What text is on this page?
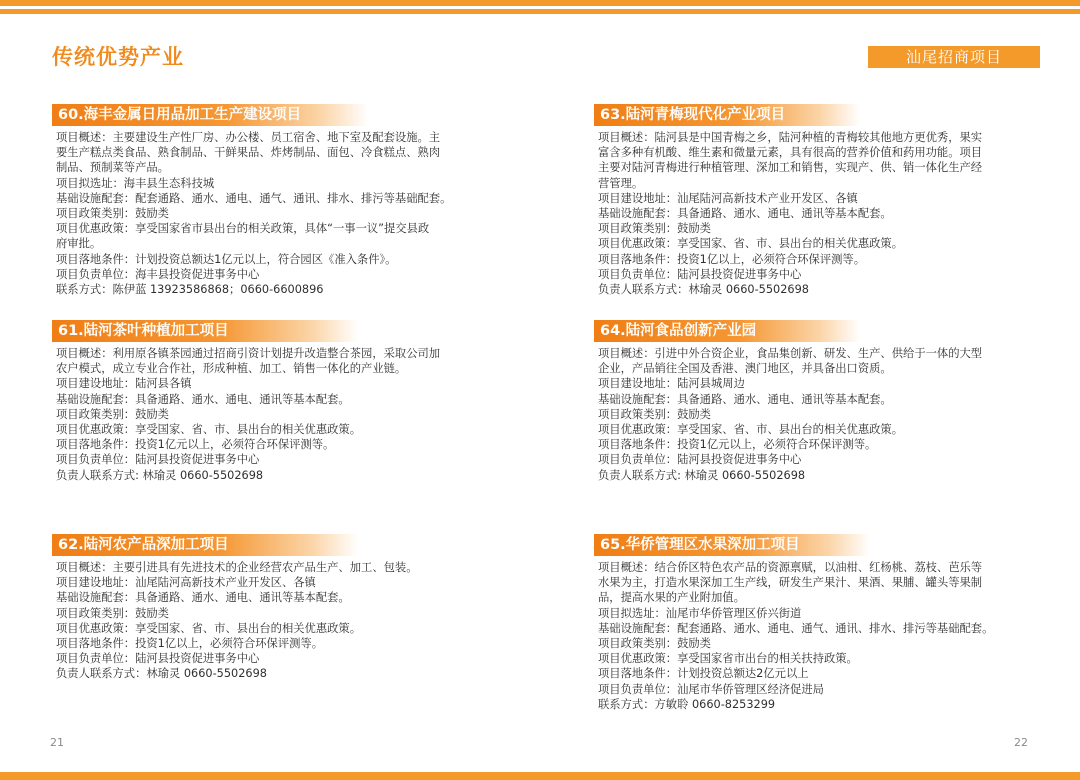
传统优势产业	汕尾招商项目
60.海丰金属日用品加工生产建设项目
项目概述：主要建设生产性厂房、办公楼、员工宿舍、地下室及配套设施。主
要生产糕点类食品、熟食制品、干鲜果品、炸烤制品、面包、冷食糕点、熟肉
制品、预制菜等产品。
项目拟选址：海丰县生态科技城
基础设施配套：配套通路、通水、通电、通气、通讯、排水、排污等基础配套。
项目政策类别：鼓励类
项目优惠政策：享受国家省市县出台的相关政策，具体“一事一议”提交县政
府审批。
项目落地条件：计划投资总额达1亿元以上，符合园区《准入条件》。
项目负责单位：海丰县投资促进事务中心
联系方式：陈伊蓝 13923586868；0660-6600896
61.陆河茶叶种植加工项目
项目概述：利用原各镇茶园通过招商引资计划提升改造整合茶园，采取公司加
农户模式，成立专业合作社，形成种植、加工、销售一体化的产业链。
项目建设地址：陆河县各镇
基础设施配套：具备通路、通水、通电、通讯等基本配套。
项目政策类别：鼓励类
项目优惠政策：享受国家、省、市、县出台的相关优惠政策。
项目落地条件：投资1亿元以上，必须符合环保评测等。
项目负责单位：陆河县投资促进事务中心
负责人联系方式: 林瑜灵 0660-5502698
62.陆河农产品深加工项目
项目概述：主要引进具有先进技术的企业经营农产品生产、加工、包装。
项目建设地址：汕尾陆河高新技术产业开发区、各镇
基础设施配套：具备通路、通水、通电、通讯等基本配套。
项目政策类别：鼓励类
项目优惠政策：享受国家、省、市、县出台的相关优惠政策。
项目落地条件：投资1亿以上，必须符合环保评测等。
项目负责单位：陆河县投资促进事务中心
负责人联系方式：林瑜灵 0660-5502698
63.陆河青梅现代化产业项目
项目概述：陆河县是中国青梅之乡，陆河种植的青梅较其他地方更优秀，果实
富含多种有机酸、维生素和微量元素，具有很高的营养价值和药用功能。项目
主要对陆河青梅进行种植管理、深加工和销售，实现产、供、销一体化生产经
营管理。
项目建设地址：汕尾陆河高新技术产业开发区、各镇
基础设施配套：具备通路、通水、通电、通讯等基本配套。
项目政策类别：鼓励类
项目优惠政策：享受国家、省、市、县出台的相关优惠政策。
项目落地条件：投资1亿以上，必须符合环保评测等。
项目负责单位：陆河县投资促进事务中心
负责人联系方式：林瑜灵 0660-5502698
64.陆河食品创新产业园
项目概述：引进中外合资企业，食品集创新、研发、生产、供给于一体的大型
企业，产品销往全国及香港、澳门地区，并具备出口资质。
项目建设地址：陆河县城周边
基础设施配套：具备通路、通水、通电、通讯等基本配套。
项目政策类别：鼓励类
项目优惠政策：享受国家、省、市、县出台的相关优惠政策。
项目落地条件：投资1亿元以上，必须符合环保评测等。
项目负责单位：陆河县投资促进事务中心
负责人联系方式: 林瑜灵 0660-5502698
65.华侨管理区水果深加工项目
项目概述：结合侨区特色农产品的资源禀赋，以油柑、红杨桃、荔枝、芭乐等
水果为主，打造水果深加工生产线，研发生产果汁、果酒、果脯、罐头等果制
品，提高水果的产业附加值。
项目拟选址：汕尾市华侨管理区侨兴街道
基础设施配套：配套通路、通水、通电、通气、通讯、排水、排污等基础配套。
项目政策类别：鼓励类
项目优惠政策：享受国家省市出台的相关扶持政策。
项目落地条件：计划投资总额达2亿元以上
项目负责单位：汕尾市华侨管理区经济促进局
联系方式：方敏聆 0660-8253299
21	22
